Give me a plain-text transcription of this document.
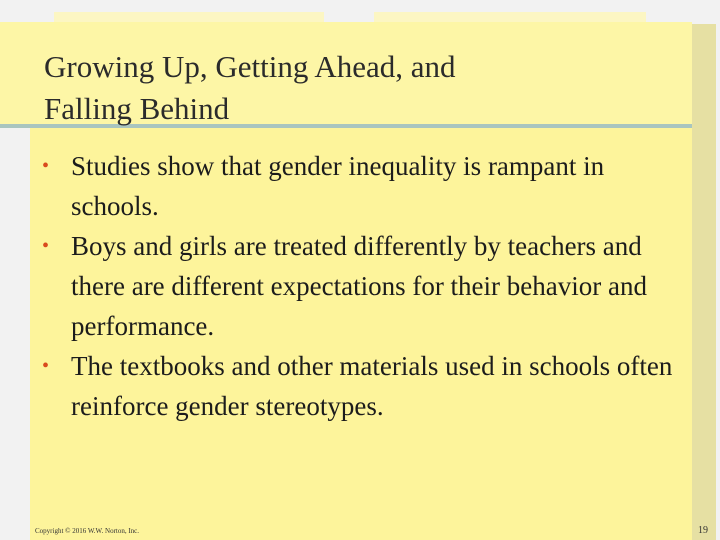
Growing Up, Getting Ahead, and
Falling Behind
• Studies show that gender inequality is rampant in schools.
• Boys and girls are treated differently by teachers and there are different expectations for their behavior and performance.
• The textbooks and other materials used in schools often reinforce gender stereotypes.
Copyright © 2016 W.W. Norton, Inc.	19
